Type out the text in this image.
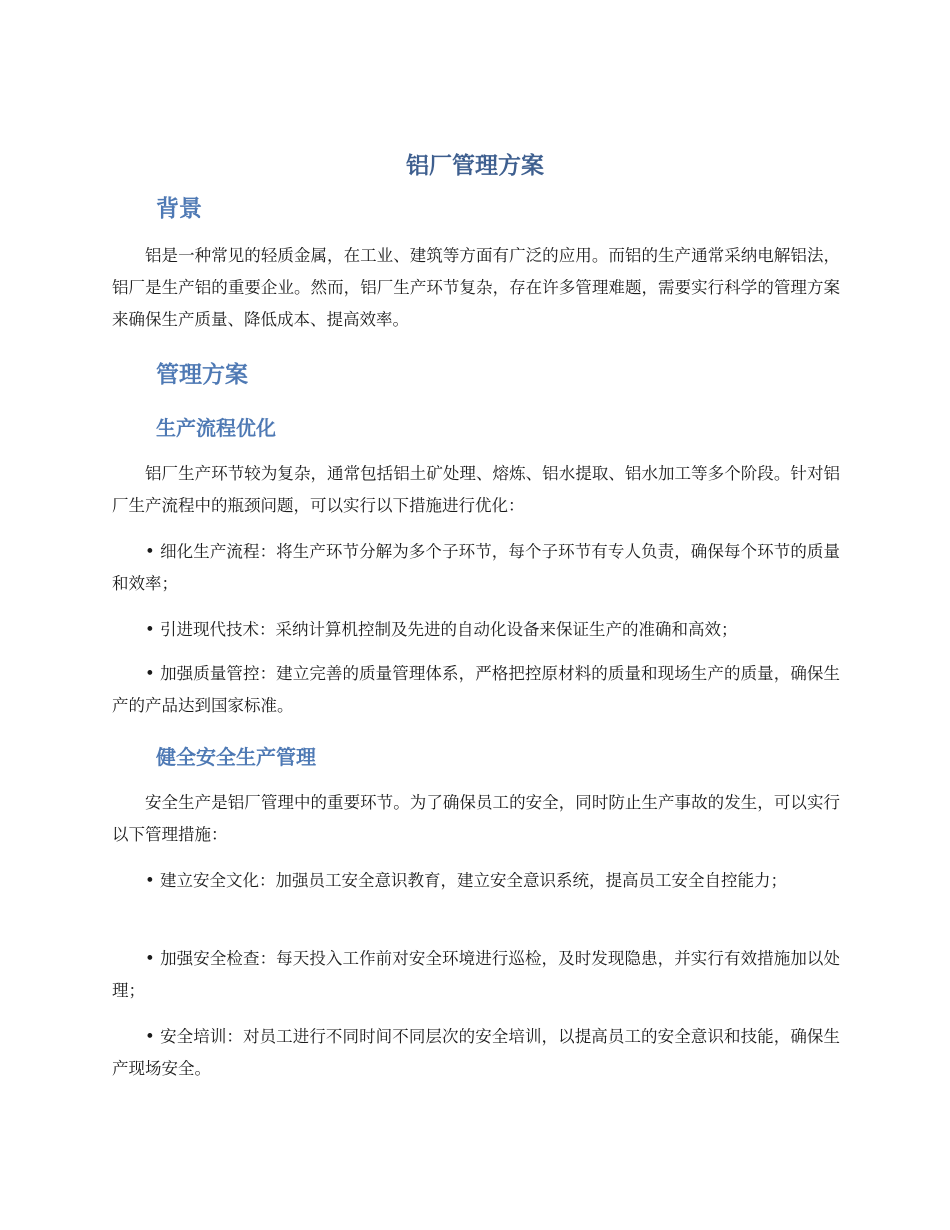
铝厂管理方案
背景

铝是一种常见的轻质金属，在工业、建筑等方面有广泛的应用。而铝的生产通常采纳电解铝法，铝厂是生产铝的重要企业。然而，铝厂生产环节复杂，存在许多管理难题，需要实行科学的管理方案来确保生产质量、降低成本、提高效率。

管理方案
生产流程优化

铝厂生产环节较为复杂，通常包括铝土矿处理、熔炼、铝水提取、铝水加工等多个阶段。针对铝厂生产流程中的瓶颈问题，可以实行以下措施进行优化：

• 细化生产流程：将生产环节分解为多个子环节，每个子环节有专人负责，确保每个环节的质量和效率；

• 引进现代技术：采纳计算机控制及先进的自动化设备来保证生产的准确和高效；

• 加强质量管控：建立完善的质量管理体系，严格把控原材料的质量和现场生产的质量，确保生产的产品达到国家标准。

健全安全生产管理

安全生产是铝厂管理中的重要环节。为了确保员工的安全，同时防止生产事故的发生，可以实行以下管理措施：

• 建立安全文化：加强员工安全意识教育，建立安全意识系统，提高员工安全自控能力；

• 加强安全检查：每天投入工作前对安全环境进行巡检，及时发现隐患，并实行有效措施加以处理；

• 安全培训：对员工进行不同时间不同层次的安全培训，以提高员工的安全意识和技能，确保生产现场安全。
